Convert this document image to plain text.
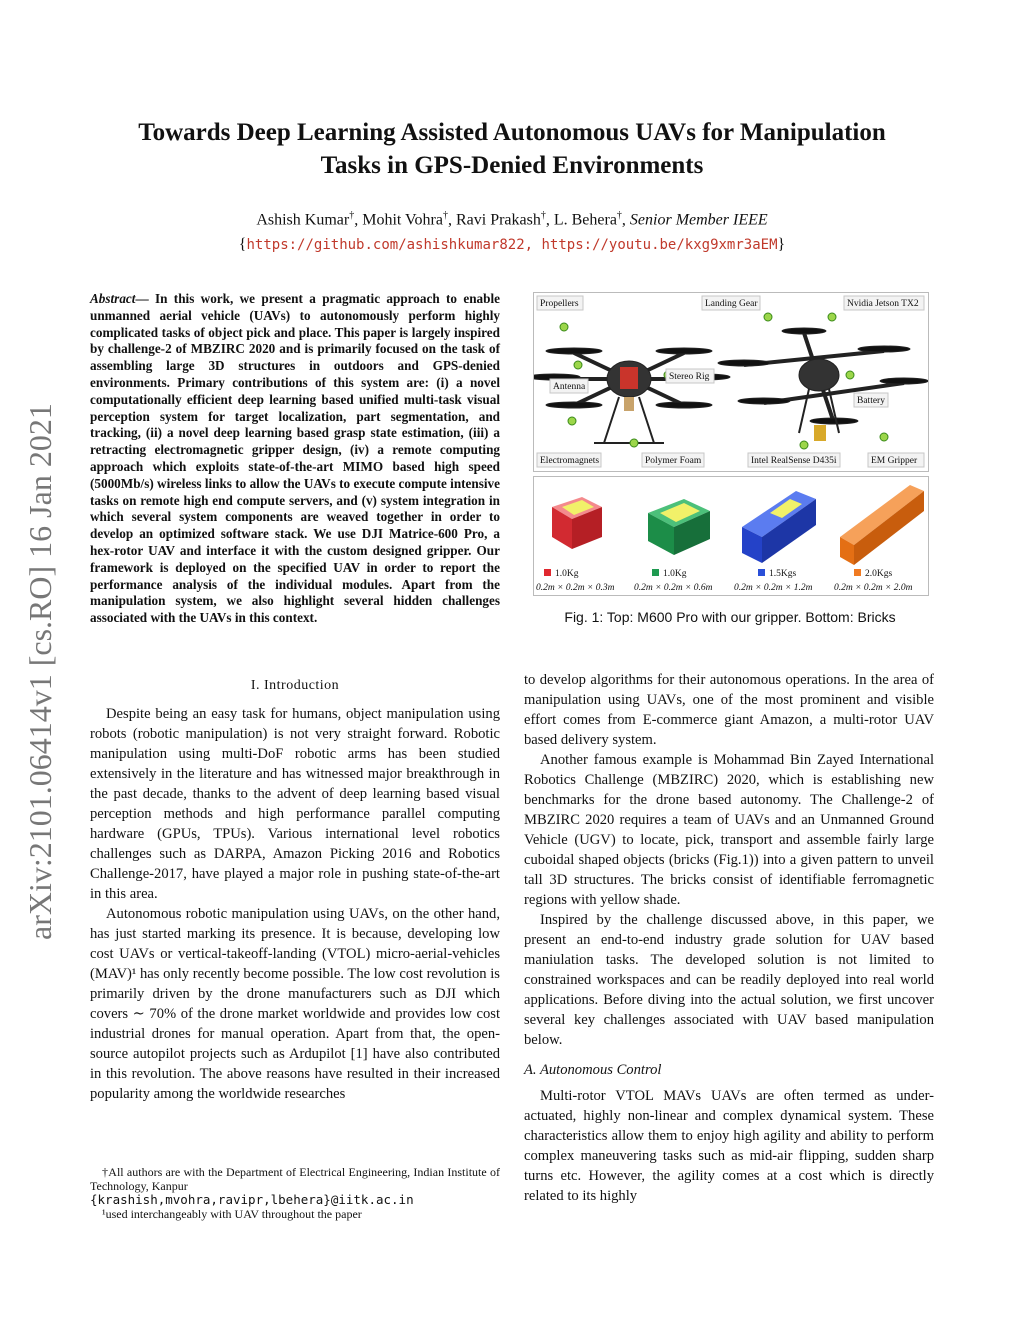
Towards Deep Learning Assisted Autonomous UAVs for Manipulation
Tasks in GPS-Denied Environments
Ashish Kumar†, Mohit Vohra†, Ravi Prakash†, L. Behera†, Senior Member IEEE
{https://github.com/ashishkumar822, https://youtu.be/kxg9xmr3aEM}
arXiv:2101.06414v1 [cs.RO] 16 Jan 2021
Abstract— In this work, we present a pragmatic approach to enable unmanned aerial vehicle (UAVs) to autonomously perform highly complicated tasks of object pick and place. This paper is largely inspired by challenge-2 of MBZIRC 2020 and is primarily focused on the task of assembling large 3D structures in outdoors and GPS-denied environments. Primary contributions of this system are: (i) a novel computationally efficient deep learning based unified multi-task visual perception system for target localization, part segmentation, and tracking, (ii) a novel deep learning based grasp state estimation, (iii) a retracting electromagnetic gripper design, (iv) a remote computing approach which exploits state-of-the-art MIMO based high speed (5000Mb/s) wireless links to allow the UAVs to execute compute intensive tasks on remote high end compute servers, and (v) system integration in which several system components are weaved together in order to develop an optimized software stack. We use DJI Matrice-600 Pro, a hex-rotor UAV and interface it with the custom designed gripper. Our framework is deployed on the specified UAV in order to report the performance analysis of the individual modules. Apart from the manipulation system, we also highlight several hidden challenges associated with the UAVs in this context.
I. Introduction

Despite being an easy task for humans, object manipulation using robots (robotic manipulation) is not very straight forward. Robotic manipulation using multi-DoF robotic arms has been studied extensively in the literature and has witnessed major breakthrough in the past decade, thanks to the advent of deep learning based visual perception methods and high performance parallel computing hardware (GPUs, TPUs). Various international level robotics challenges such as DARPA, Amazon Picking 2016 and Robotics Challenge-2017, have played a major role in pushing state-of-the-art in this area.

Autonomous robotic manipulation using UAVs, on the other hand, has just started marking its presence. It is because, developing low cost UAVs or vertical-takeoff-landing (VTOL) micro-aerial-vehicles (MAV)¹ has only recently become possible. The low cost revolution is primarily driven by the drone manufacturers such as DJI which covers ∼ 70% of the drone market worldwide and provides low cost industrial drones for manual operation. Apart from that, the open-source autopilot projects such as Ardupilot [1] have also contributed in this revolution. The above reasons have resulted in their increased popularity among the worldwide researches

†All authors are with the Department of Electrical Engineering, Indian Institute of Technology, Kanpur
{krashish,mvohra,ravipr,lbehera}@iitk.ac.in
¹used interchangeably with UAV throughout the paper
Propellers	Landing Gear	Nvidia Jetson TX2
Antenna
Stereo Rig
Battery
Electromagnets	Polymer Foam	Intel RealSense D435i	EM Gripper
1.0Kg	1.0Kg	1.5Kgs	2.0Kgs
0.2m × 0.2m × 0.3m 0.2m × 0.2m × 0.6m 0.2m × 0.2m × 1.2m 0.2m × 0.2m × 2.0m
Fig. 1: Top: M600 Pro with our gripper. Bottom: Bricks

to develop algorithms for their autonomous operations. In the area of manipulation using UAVs, one of the most prominent and visible effort comes from E-commerce giant Amazon, a multi-rotor UAV based delivery system.

Another famous example is Mohammad Bin Zayed International Robotics Challenge (MBZIRC) 2020, which is establishing new benchmarks for the drone based autonomy. The Challenge-2 of MBZIRC 2020 requires a team of UAVs and an Unmanned Ground Vehicle (UGV) to locate, pick, transport and assemble fairly large cuboidal shaped objects (bricks (Fig.1)) into a given pattern to unveil tall 3D structures. The bricks consist of identifiable ferromagnetic regions with yellow shade.

Inspired by the challenge discussed above, in this paper, we present an end-to-end industry grade solution for UAV based maniulation tasks. The developed solution is not limited to constrained workspaces and can be readily deployed into real world applications. Before diving into the actual solution, we first uncover several key challenges associated with UAV based manipulation below.

A. Autonomous Control

Multi-rotor VTOL MAVs UAVs are often termed as under-actuated, highly non-linear and complex dynamical system. These characteristics allow them to enjoy high agility and ability to perform complex maneuvering tasks such as mid-air flipping, sudden sharp turns etc. However, the agility comes at a cost which is directly related to its highly
